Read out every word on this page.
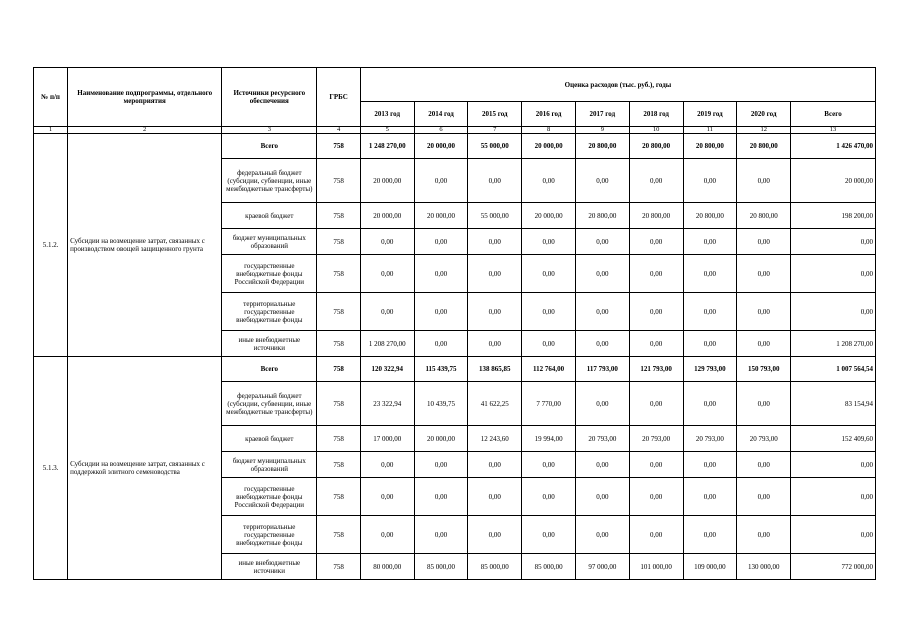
№ п/п	Наименование подпрограммы, отдельного мероприятия	Источники ресурсного обеспечения	ГРБС	Оценка расходов (тыс. руб.), годы								
				2013 год	2014 год	2015 год	2016 год	2017 год	2018 год	2019 год	2020 год	Всего
1	2	3	4	5	6	7	8	9	10	11	12	13
5.1.2.	Субсидии на возмещение затрат, связанных с производством овощей защищенного грунта	Всего	758	1 248 270,00	20 000,00	55 000,00	20 000,00	20 800,00	20 800,00	20 800,00	20 800,00	1 426 470,00
		федеральный бюджет (субсидии, субвенции, иные межбюджетные трансферты)	758	20 000,00	0,00	0,00	0,00	0,00	0,00	0,00	0,00	20 000,00
		краевой бюджет	758	20 000,00	20 000,00	55 000,00	20 000,00	20 800,00	20 800,00	20 800,00	20 800,00	198 200,00
		бюджет муниципальных образований	758	0,00	0,00	0,00	0,00	0,00	0,00	0,00	0,00	0,00
		государственные внебюджетные фонды Российской Федерации	758	0,00	0,00	0,00	0,00	0,00	0,00	0,00	0,00	0,00
		территориальные государственные внебюджетные фонды	758	0,00	0,00	0,00	0,00	0,00	0,00	0,00	0,00	0,00
		иные внебюджетные источники	758	1 208 270,00	0,00	0,00	0,00	0,00	0,00	0,00	0,00	1 208 270,00
5.1.3.	Субсидии на возмещение затрат, связанных с поддержкой элитного семеноводства	Всего	758	120 322,94	115 439,75	138 865,85	112 764,00	117 793,00	121 793,00	129 793,00	150 793,00	1 007 564,54
		федеральный бюджет (субсидии, субвенции, иные межбюджетные трансферты)	758	23 322,94	10 439,75	41 622,25	7 770,00	0,00	0,00	0,00	0,00	83 154,94
		краевой бюджет	758	17 000,00	20 000,00	12 243,60	19 994,00	20 793,00	20 793,00	20 793,00	20 793,00	152 409,60
		бюджет муниципальных образований	758	0,00	0,00	0,00	0,00	0,00	0,00	0,00	0,00	0,00
		государственные внебюджетные фонды Российской Федерации	758	0,00	0,00	0,00	0,00	0,00	0,00	0,00	0,00	0,00
		территориальные государственные внебюджетные фонды	758	0,00	0,00	0,00	0,00	0,00	0,00	0,00	0,00	0,00
		иные внебюджетные источники	758	80 000,00	85 000,00	85 000,00	85 000,00	97 000,00	101 000,00	109 000,00	130 000,00	772 000,00
